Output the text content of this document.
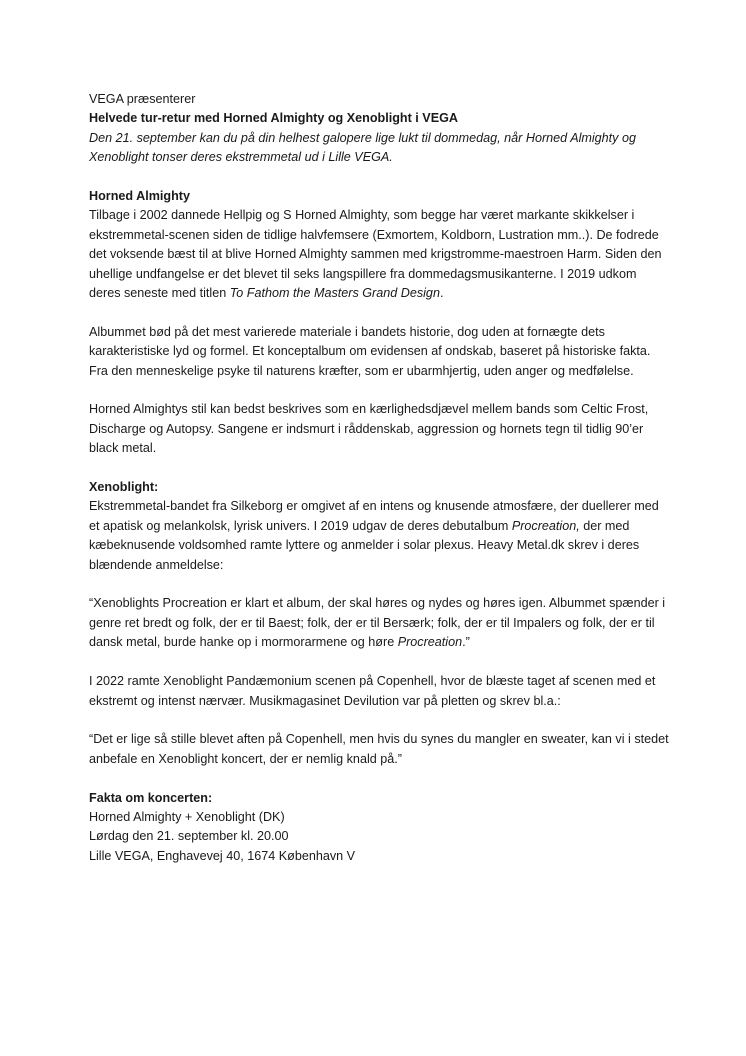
VEGA præsenterer

Helvede tur-retur med Horned Almighty og Xenoblight i VEGA

Den 21. september kan du på din helhest galopere lige lukt til dommedag, når Horned Almighty og Xenoblight tonser deres ekstremmetal ud i Lille VEGA.

Horned Almighty

Tilbage i 2002 dannede Hellpig og S Horned Almighty, som begge har været markante skikkelser i ekstremmetal-scenen siden de tidlige halvfemsere (Exmortem, Koldborn, Lustration mm..). De fodrede det voksende bæst til at blive Horned Almighty sammen med krigstromme-maestroen Harm. Siden den uhellige undfangelse er det blevet til seks langspillere fra dommedagsmusikanterne. I 2019 udkom deres seneste med titlen To Fathom the Masters Grand Design.

Albummet bød på det mest varierede materiale i bandets historie, dog uden at fornægte dets karakteristiske lyd og formel. Et konceptalbum om evidensen af ondskab, baseret på historiske fakta. Fra den menneskelige psyke til naturens kræfter, som er ubarmhjertig, uden anger og medfølelse.

Horned Almightys stil kan bedst beskrives som en kærlighedsdjævel mellem bands som Celtic Frost, Discharge og Autopsy. Sangene er indsmurt i råddenskab, aggression og hornets tegn til tidlig 90’er black metal.

Xenoblight:

Ekstremmetal-bandet fra Silkeborg er omgivet af en intens og knusende atmosfære, der duellerer med et apatisk og melankolsk, lyrisk univers. I 2019 udgav de deres debutalbum Procreation, der med kæbeknusende voldsomhed ramte lyttere og anmelder i solar plexus. Heavy Metal.dk skrev i deres blændende anmeldelse:

“Xenoblights Procreation er klart et album, der skal høres og nydes og høres igen. Albummet spænder i genre ret bredt og folk, der er til Baest; folk, der er til Bersærk; folk, der er til Impalers og folk, der er til dansk metal, burde hanke op i mormorarmene og høre Procreation.”

I 2022 ramte Xenoblight Pandæmonium scenen på Copenhell, hvor de blæste taget af scenen med et ekstremt og intenst nærvær. Musikmagasinet Devilution var på pletten og skrev bl.a.:

“Det er lige så stille blevet aften på Copenhell, men hvis du synes du mangler en sweater, kan vi i stedet anbefale en Xenoblight koncert, der er nemlig knald på.”

Fakta om koncerten:

Horned Almighty + Xenoblight (DK)

Lørdag den 21. september kl. 20.00

Lille VEGA, Enghavevej 40, 1674 København V
